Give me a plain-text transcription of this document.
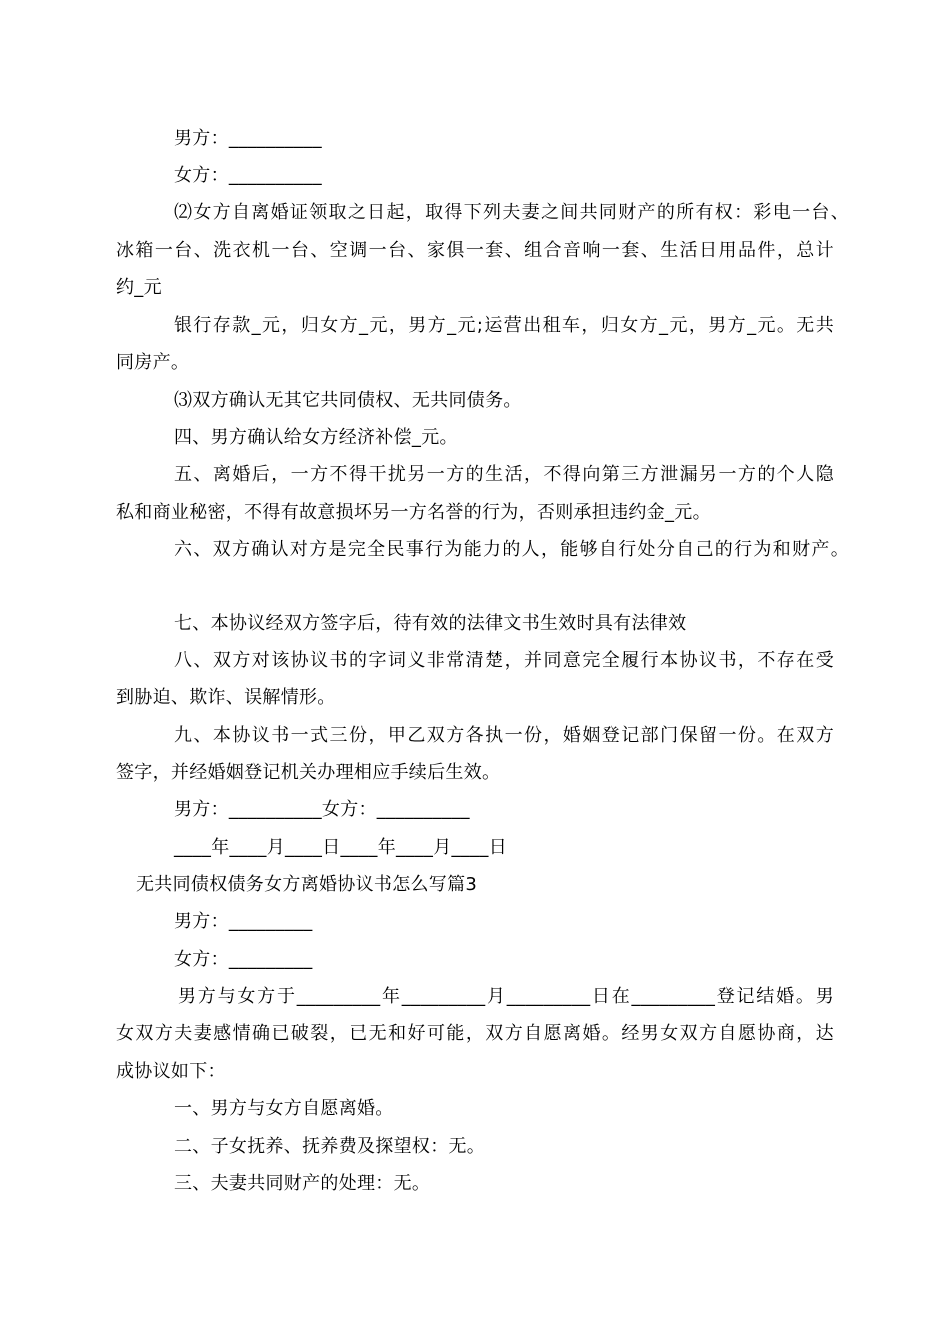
男方：__________
女方：__________
⑵女方自离婚证领取之日起，取得下列夫妻之间共同财产的所有权：彩电一台、
冰箱一台、洗衣机一台、空调一台、家俱一套、组合音响一套、生活日用品件，总计
约_元
银行存款_元，归女方_元，男方_元;运营出租车，归女方_元，男方_元。无共
同房产。
⑶双方确认无其它共同债权、无共同债务。
四、男方确认给女方经济补偿_元。
五、离婚后，一方不得干扰另一方的生活，不得向第三方泄漏另一方的个人隐
私和商业秘密，不得有故意损坏另一方名誉的行为，否则承担违约金_元。
六、双方确认对方是完全民事行为能力的人，能够自行处分自己的行为和财产。
七、本协议经双方签字后，待有效的法律文书生效时具有法律效
八、双方对该协议书的字词义非常清楚，并同意完全履行本协议书，不存在受
到胁迫、欺诈、误解情形。
九、本协议书一式三份，甲乙双方各执一份，婚姻登记部门保留一份。在双方
签字，并经婚姻登记机关办理相应手续后生效。
男方：__________女方：__________
____年____月____日____年____月____日
无共同债权债务女方离婚协议书怎么写篇3
男方：_________
女方：_________
男方与女方于_________年_________月_________日在_________登记结婚。男
女双方夫妻感情确已破裂，已无和好可能，双方自愿离婚。经男女双方自愿协商，达
成协议如下：
一、男方与女方自愿离婚。
二、子女抚养、抚养费及探望权：无。
三、夫妻共同财产的处理：无。
